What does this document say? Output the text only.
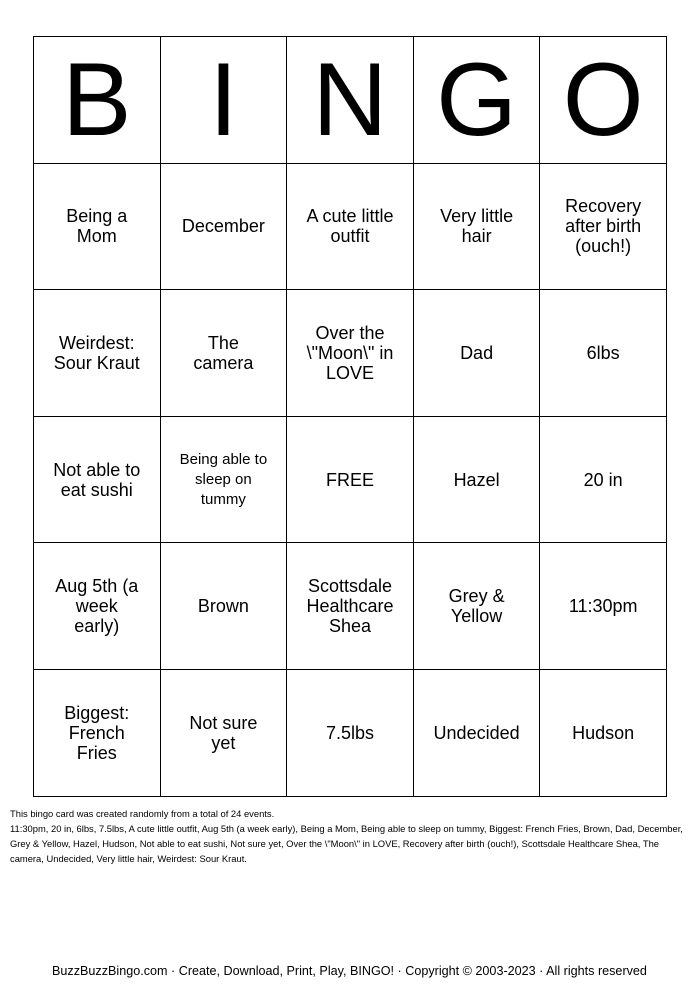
B	I	N	G	O
Being a Mom	December	A cute little outfit	Very little hair	Recovery after birth (ouch!)
Weirdest: Sour Kraut	The camera	Over the \"Moon\" in LOVE	Dad	6lbs
Not able to eat sushi	Being able to sleep on tummy	FREE	Hazel	20 in
Aug 5th (a week early)	Brown	Scottsdale Healthcare Shea	Grey & Yellow	11:30pm
Biggest: French Fries	Not sure yet	7.5lbs	Undecided	Hudson

This bingo card was created randomly from a total of 24 events.

11:30pm, 20 in, 6lbs, 7.5lbs, A cute little outfit, Aug 5th (a week early), Being a Mom, Being able to sleep on tummy, Biggest: French Fries, Brown, Dad, December, Grey & Yellow, Hazel, Hudson, Not able to eat sushi, Not sure yet, Over the \"Moon\" in LOVE, Recovery after birth (ouch!), Scottsdale Healthcare Shea, The camera, Undecided, Very little hair, Weirdest: Sour Kraut.

BuzzBuzzBingo.com · Create, Download, Print, Play, BINGO! · Copyright © 2003-2023 · All rights reserved
